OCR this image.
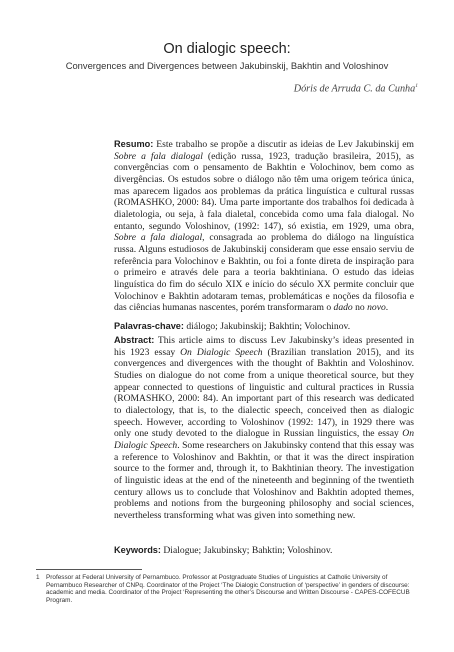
On dialogic speech:
Convergences and Divergences between Jakubinskij, Bakhtin and Voloshinov
Dóris de Arruda C. da Cunha$^1$

Resumo: Este trabalho se propõe a discutir as ideias de Lev Jakubinskij em Sobre a fala dialogal (edição russa, 1923, tradução brasileira, 2015), as convergências com o pensamento de Bakhtin e Volochinov, bem como as divergências. Os estudos sobre o diálogo não têm uma origem teórica única, mas aparecem ligados aos problemas da prática linguística e cultural russas (ROMASHKO, 2000: 84). Uma parte importante dos trabalhos foi dedicada à dialetologia, ou seja, à fala dialetal, concebida como uma fala dialogal. No entanto, segundo Voloshinov, (1992: 147), só existia, em 1929, uma obra, Sobre a fala dialogal, consagrada ao problema do diálogo na linguística russa. Alguns estudiosos de Jakubinskij consideram que esse ensaio serviu de referência para Volochinov e Bakhtin, ou foi a fonte direta de inspiração para o primeiro e através dele para a teoria bakhtiniana. O estudo das ideias linguística do fim do século XIX e início do século XX permite concluir que Volochinov e Bakhtin adotaram temas, problemáticas e noções da filosofia e das ciências humanas nascentes, porém transformaram o dado no novo.

Palavras-chave: diálogo; Jakubinskij; Bakhtin; Volochinov.

Abstract: This article aims to discuss Lev Jakubinsky’s ideas presented in his 1923 essay On Dialogic Speech (Brazilian translation 2015), and its convergences and divergences with the thought of Bakhtin and Voloshinov. Studies on dialogue do not come from a unique theoretical source, but they appear connected to questions of linguistic and cultural practices in Russia (ROMASHKO, 2000: 84). An important part of this research was dedicated to dialectology, that is, to the dialectic speech, conceived then as dialogic speech. However, according to Voloshinov (1992: 147), in 1929 there was only one study devoted to the dialogue in Russian linguistics, the essay On Dialogic Speech. Some researchers on Jakubinsky contend that this essay was a reference to Voloshinov and Bakhtin, or that it was the direct inspiration source to the former and, through it, to Bakhtinian theory. The investigation of linguistic ideas at the end of the nineteenth and beginning of the twentieth century allows us to conclude that Voloshinov and Bakhtin adopted themes, problems and notions from the burgeoning philosophy and social sciences, nevertheless transforming what was given into something new.

Keywords: Dialogue; Jakubinsky; Bahktin; Voloshinov.

1	Professor at Federal University of Pernambuco. Professor at Postgraduate Studies of Linguistics at Catholic University of Pernambuco Researcher of CNPq. Coordinator of the Project ‘The Dialogic Construction of ‘perspective’ in genders of discourse: academic and media. Coordinator of the Project ‘Representing the other’s Discourse and Written Discourse - CAPES-COFECUB Program.
